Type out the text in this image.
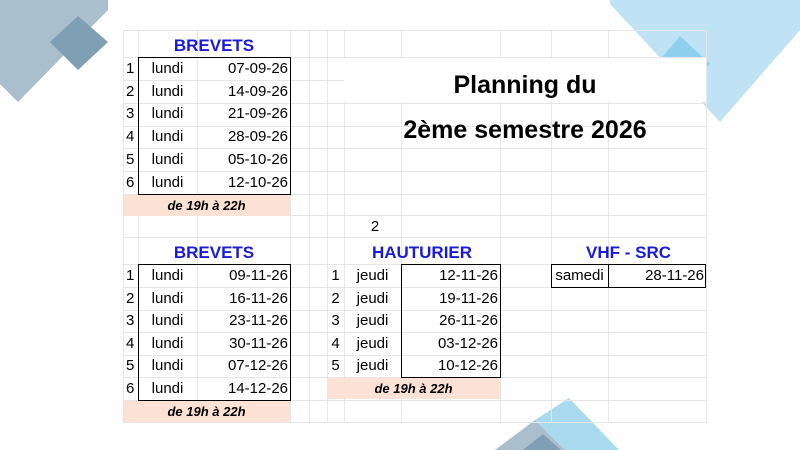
Planning du
2ème semestre 2026
BREVETS
1	lundi	07-09-26
2	lundi	14-09-26
3	lundi	21-09-26
4	lundi	28-09-26
5	lundi	05-10-26
6	lundi	12-10-26
de 19h à 22h
2
BREVETS
1	lundi	09-11-26
2	lundi	16-11-26
3	lundi	23-11-26
4	lundi	30-11-26
5	lundi	07-12-26
6	lundi	14-12-26
de 19h à 22h
HAUTURIER
1	jeudi	12-11-26
2	jeudi	19-11-26
3	jeudi	26-11-26
4	jeudi	03-12-26
5	jeudi	10-12-26
de 19h à 22h
VHF - SRC
samedi	28-11-26
